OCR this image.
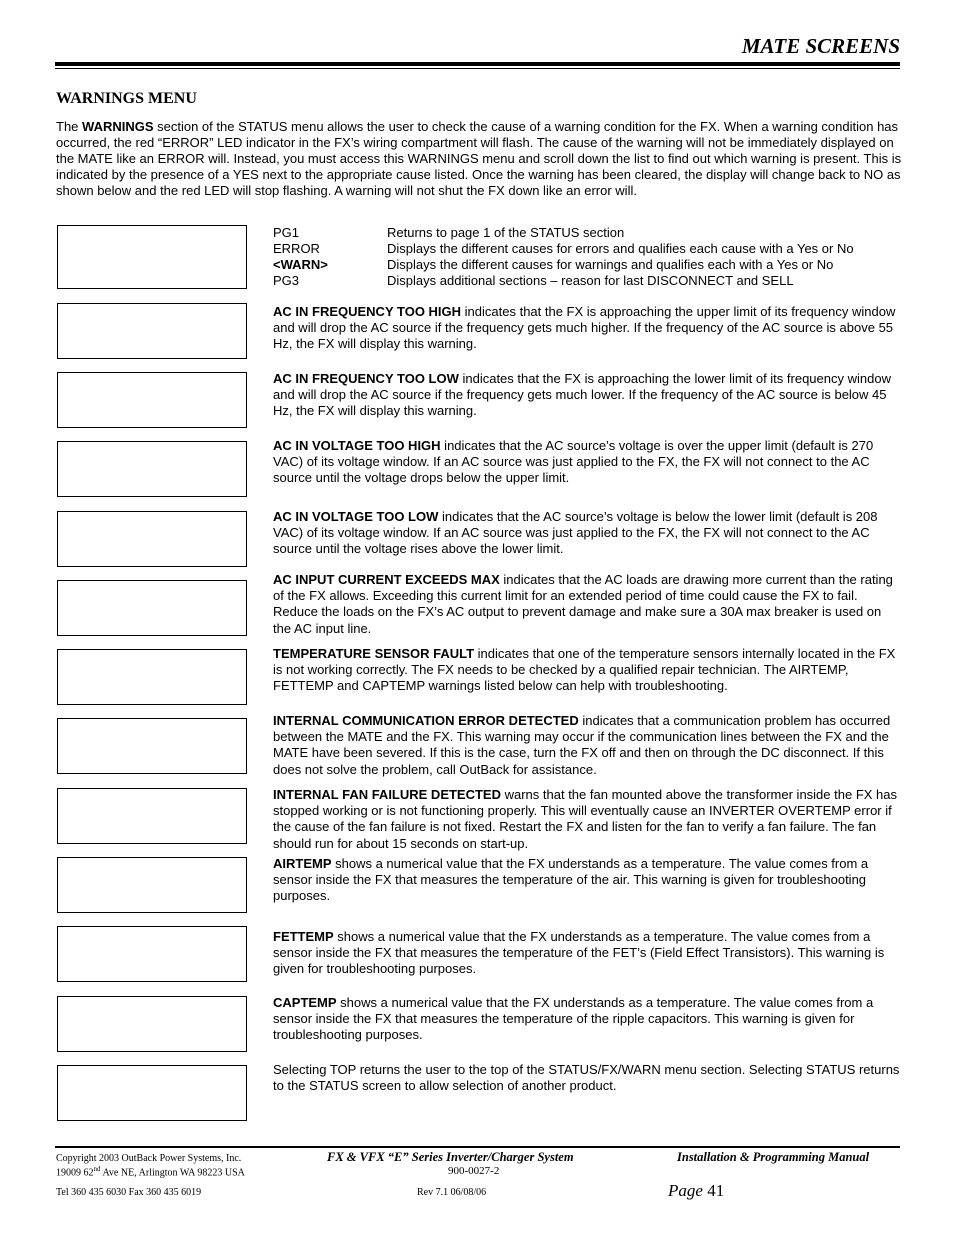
MATE SCREENS
WARNINGS MENU

The WARNINGS section of the STATUS menu allows the user to check the cause of a warning condition for the FX. When a warning condition has occurred, the red “ERROR” LED indicator in the FX’s wiring compartment will flash. The cause of the warning will not be immediately displayed on the MATE like an ERROR will. Instead, you must access this WARNINGS menu and scroll down the list to find out which warning is present. This is indicated by the presence of a YES next to the appropriate cause listed. Once the warning has been cleared, the display will change back to NO as shown below and the red LED will stop flashing. A warning will not shut the FX down like an error will.

PG1	Returns to page 1 of the STATUS section
ERROR	Displays the different causes for errors and qualifies each cause with a Yes or No
<WARN>	Displays the different causes for warnings and qualifies each with a Yes or No
PG3	Displays additional sections – reason for last DISCONNECT and SELL

AC IN FREQUENCY TOO HIGH indicates that the FX is approaching the upper limit of its frequency window and will drop the AC source if the frequency gets much higher. If the frequency of the AC source is above 55 Hz, the FX will display this warning.

AC IN FREQUENCY TOO LOW indicates that the FX is approaching the lower limit of its frequency window and will drop the AC source if the frequency gets much lower. If the frequency of the AC source is below 45 Hz, the FX will display this warning.

AC IN VOLTAGE TOO HIGH indicates that the AC source’s voltage is over the upper limit (default is 270 VAC) of its voltage window. If an AC source was just applied to the FX, the FX will not connect to the AC source until the voltage drops below the upper limit.

AC IN VOLTAGE TOO LOW indicates that the AC source’s voltage is below the lower limit (default is 208 VAC) of its voltage window. If an AC source was just applied to the FX, the FX will not connect to the AC source until the voltage rises above the lower limit.

AC INPUT CURRENT EXCEEDS MAX indicates that the AC loads are drawing more current than the rating of the FX allows. Exceeding this current limit for an extended period of time could cause the FX to fail. Reduce the loads on the FX’s AC output to prevent damage and make sure a 30A max breaker is used on the AC input line.

TEMPERATURE SENSOR FAULT indicates that one of the temperature sensors internally located in the FX is not working correctly. The FX needs to be checked by a qualified repair technician. The AIRTEMP, FETTEMP and CAPTEMP warnings listed below can help with troubleshooting.

INTERNAL COMMUNICATION ERROR DETECTED indicates that a communication problem has occurred between the MATE and the FX. This warning may occur if the communication lines between the FX and the MATE have been severed. If this is the case, turn the FX off and then on through the DC disconnect. If this does not solve the problem, call OutBack for assistance.

INTERNAL FAN FAILURE DETECTED warns that the fan mounted above the transformer inside the FX has stopped working or is not functioning properly. This will eventually cause an INVERTER OVERTEMP error if the cause of the fan failure is not fixed. Restart the FX and listen for the fan to verify a fan failure. The fan should run for about 15 seconds on start-up.

AIRTEMP shows a numerical value that the FX understands as a temperature. The value comes from a sensor inside the FX that measures the temperature of the air. This warning is given for troubleshooting purposes.

FETTEMP shows a numerical value that the FX understands as a temperature. The value comes from a sensor inside the FX that measures the temperature of the FET’s (Field Effect Transistors). This warning is given for troubleshooting purposes.

CAPTEMP shows a numerical value that the FX understands as a temperature. The value comes from a sensor inside the FX that measures the temperature of the ripple capacitors. This warning is given for troubleshooting purposes.

Selecting TOP returns the user to the top of the STATUS/FX/WARN menu section. Selecting STATUS returns to the STATUS screen to allow selection of another product.

Copyright 2003 OutBack Power Systems, Inc.
19009 62nd Ave NE, Arlington WA 98223 USA
Tel 360 435 6030 Fax 360 435 6019
FX & VFX “E” Series Inverter/Charger System
900-0027-2
Rev 7.1 06/08/06
Installation & Programming Manual
Page 41
